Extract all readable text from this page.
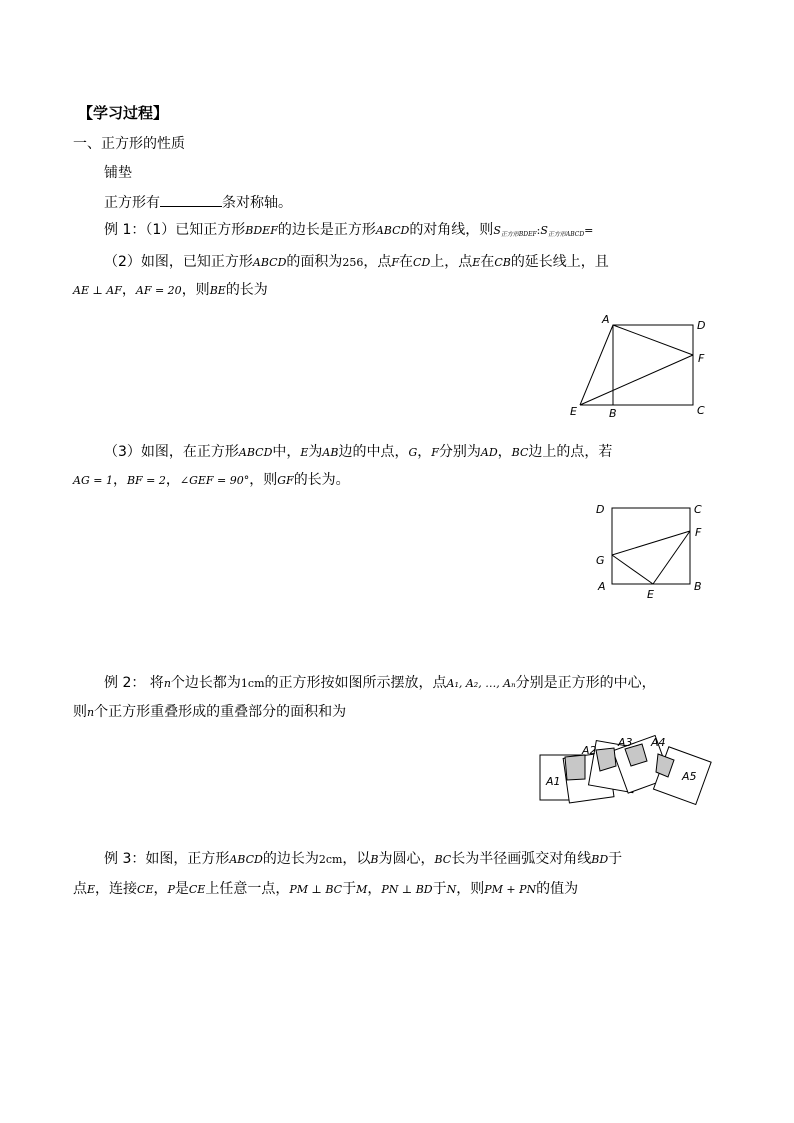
【学习过程】
一、正方形的性质
铺垫
正方形有	条对称轴。
例 1：（1）已知正方形BDEF的边长是正方形ABCD的对角线，则$S_{正方形BDEF}:S_{正方形ABCD}=$
（2）如图，已知正方形ABCD的面积为256，点F在CD上，点E在CB的延长线上，且
AE ⊥ AF，AF = 20，则BE的长为
A	D
F
E	B	C
（3）如图，在正方形ABCD中，E为AB边的中点，G，F分别为AD，BC边上的点，若
AG = 1，BF = 2，∠GEF = 90°，则GF的长为。
D	C
F
G
A
E
B
例 2： 将n个边长都为1cm的正方形按如图所示摆放，点A₁, A₂, …, Aₙ分别是正方形的中心，
则n个正方形重叠形成的重叠部分的面积和为
A1
A2
A3 A4
A5
例 3：如图，正方形ABCD的边长为2cm，以B为圆心，BC长为半径画弧交对角线BD于
点E，连接CE，P是CE上任意一点，PM ⊥ BC于M，PN ⊥ BD于N，则PM + PN的值为
